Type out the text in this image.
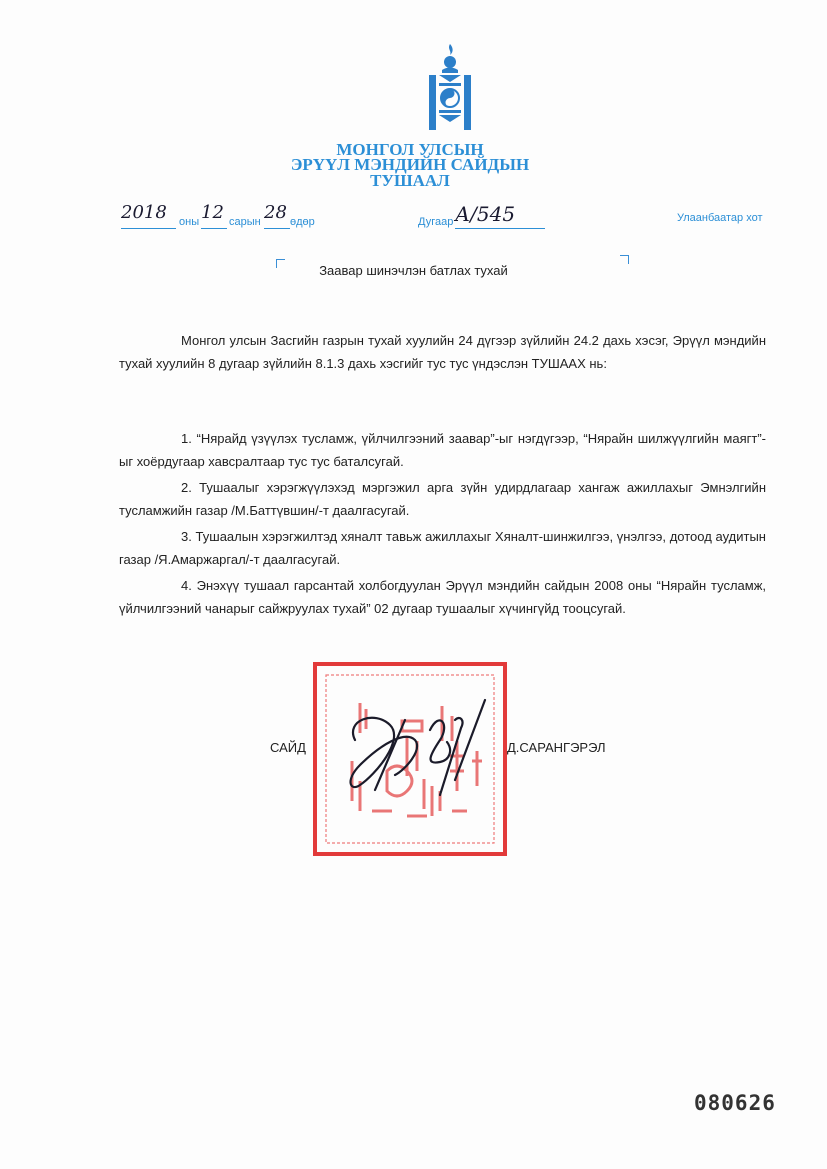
МОНГОЛ УЛСЫН
ЭРҮҮЛ МЭНДИЙН САЙДЫН
ТУШААЛ
2018	оны 12 сарын 28 өдөр	Дугаар А/545	Улаанбаатар хот
Заавар шинэчлэн батлах тухай

Монгол улсын Засгийн газрын тухай хуулийн 24 дүгээр зүйлийн 24.2 дахь хэсэг, Эрүүл мэндийн тухай хуулийн 8 дугаар зүйлийн 8.1.3 дахь хэсгийг тус тус үндэслэн ТУШААХ нь:

1. “Нярайд үзүүлэх тусламж, үйлчилгээний заавар”-ыг нэгдүгээр, “Нярайн шилжүүлгийн маягт”-ыг хоёрдугаар хавсралтаар тус тус баталсугай.

2. Тушаалыг хэрэгжүүлэхэд мэргэжил арга зүйн удирдлагаар хангаж ажиллахыг Эмнэлгийн тусламжийн газар /М.Баттүвшин/-т даалгасугай.

3. Тушаалын хэрэгжилтэд хяналт тавьж ажиллахыг Хяналт-шинжилгээ, үнэлгээ, дотоод аудитын газар /Я.Амаржаргал/-т даалгасугай.

4. Энэхүү тушаал гарсантай холбогдуулан Эрүүл мэндийн сайдын 2008 оны “Нярайн тусламж, үйлчилгээний чанарыг сайжруулах тухай” 02 дугаар тушаалыг хүчингүйд тооцсугай.

САЙД	Д.САРАНГЭРЭЛ
080626
